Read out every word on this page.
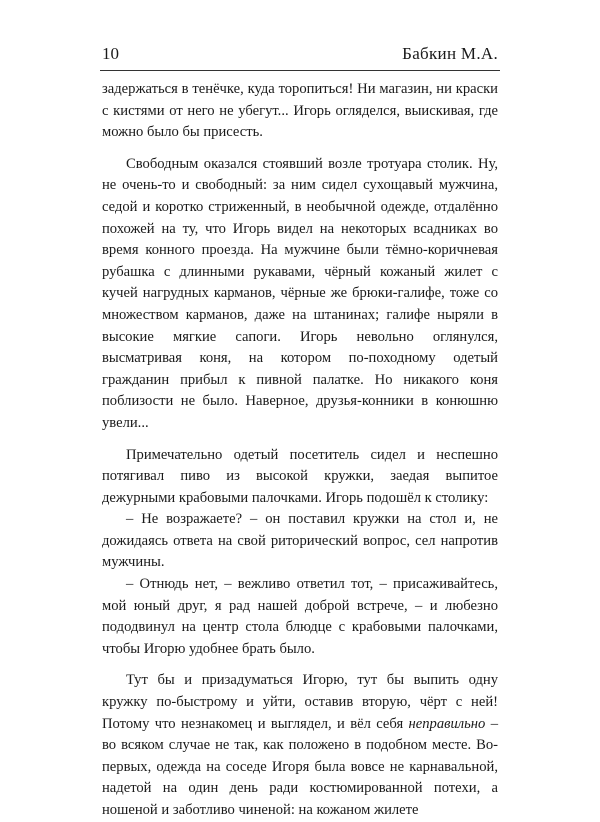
10	Бабкин М.А.

задержаться в тенёчке, куда торопиться! Ни магазин, ни краски с кистями от него не убегут... Игорь огляделся, выискивая, где можно было бы присесть.

Свободным оказался стоявший возле тротуара столик. Ну, не очень-то и свободный: за ним сидел сухощавый мужчина, седой и коротко стриженный, в необычной одежде, отдалённо похожей на ту, что Игорь видел на некоторых всадниках во время конного проезда. На мужчине были тёмно-коричневая рубашка с длинными рукавами, чёрный кожаный жилет с кучей нагрудных карманов, чёрные же брюки-галифе, тоже со множеством карманов, даже на штанинах; галифе ныряли в высокие мягкие сапоги. Игорь невольно оглянулся, высматривая коня, на котором по-походному одетый гражданин прибыл к пивной палатке. Но никакого коня поблизости не было. Наверное, друзья-конники в конюшню увели...

Примечательно одетый посетитель сидел и неспешно потягивал пиво из высокой кружки, заедая выпитое дежурными крабовыми палочками. Игорь подошёл к столику:

– Не возражаете? – он поставил кружки на стол и, не дожидаясь ответа на свой риторический вопрос, сел напротив мужчины.

– Отнюдь нет, – вежливо ответил тот, – присаживайтесь, мой юный друг, я рад нашей доброй встрече, – и любезно пододвинул на центр стола блюдце с крабовыми палочками, чтобы Игорю удобнее брать было.

Тут бы и призадуматься Игорю, тут бы выпить одну кружку по-быстрому и уйти, оставив вторую, чёрт с ней! Потому что незнакомец и выглядел, и вёл себя неправильно – во всяком случае не так, как положено в подобном месте. Во-первых, одежда на соседе Игоря была вовсе не карнавальной, надетой на один день ради костюмированной потехи, а ношеной и заботливо чиненой: на кожаном жилете
